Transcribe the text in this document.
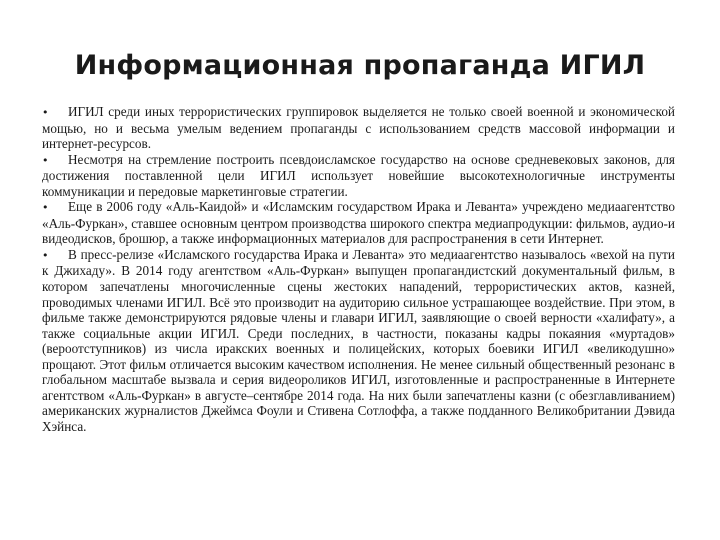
Информационная пропаганда ИГИЛ

• ИГИЛ среди иных террористических группировок выделяется не только своей военной и экономической мощью, но и весьма умелым ведением пропаганды с использованием средств массовой информации и интернет-ресурсов.

• Несмотря на стремление построить псевдоисламское государство на основе средневековых законов, для достижения поставленной цели ИГИЛ использует новейшие высокотехнологичные инструменты коммуникации и передовые маркетинговые стратегии.

• Еще в 2006 году «Аль-Каидой» и «Исламским государством Ирака и Леванта» учреждено медиаагентство «Аль-Фуркан», ставшее основным центром производства широкого спектра медиапродукции: фильмов, аудио-и видеодисков, брошюр, а также информационных материалов для распространения в сети Интернет.

• В пресс-релизе «Исламского государства Ирака и Леванта» это медиаагентство называлось «вехой на пути к Джихаду». В 2014 году агентством «Аль-Фуркан» выпущен пропагандистский документальный фильм, в котором запечатлены многочисленные сцены жестоких нападений, террористических актов, казней, проводимых членами ИГИЛ. Всё это производит на аудиторию сильное устрашающее воздействие. При этом, в фильме также демонстрируются рядовые члены и главари ИГИЛ, заявляющие о своей верности «халифату», а также социальные акции ИГИЛ. Среди последних, в частности, показаны кадры покаяния «муртадов» (вероотступников) из числа иракских военных и полицейских, которых боевики ИГИЛ «великодушно» прощают. Этот фильм отличается высоким качеством исполнения. Не менее сильный общественный резонанс в глобальном масштабе вызвала и серия видеороликов ИГИЛ, изготовленные и распространенные в Интернете агентством «Аль-Фуркан» в августе–сентябре 2014 года. На них были запечатлены казни (с обезглавливанием) американских журналистов Джеймса Фоули и Стивена Сотлоффа, а также подданного Великобритании Дэвида Хэйнса.
